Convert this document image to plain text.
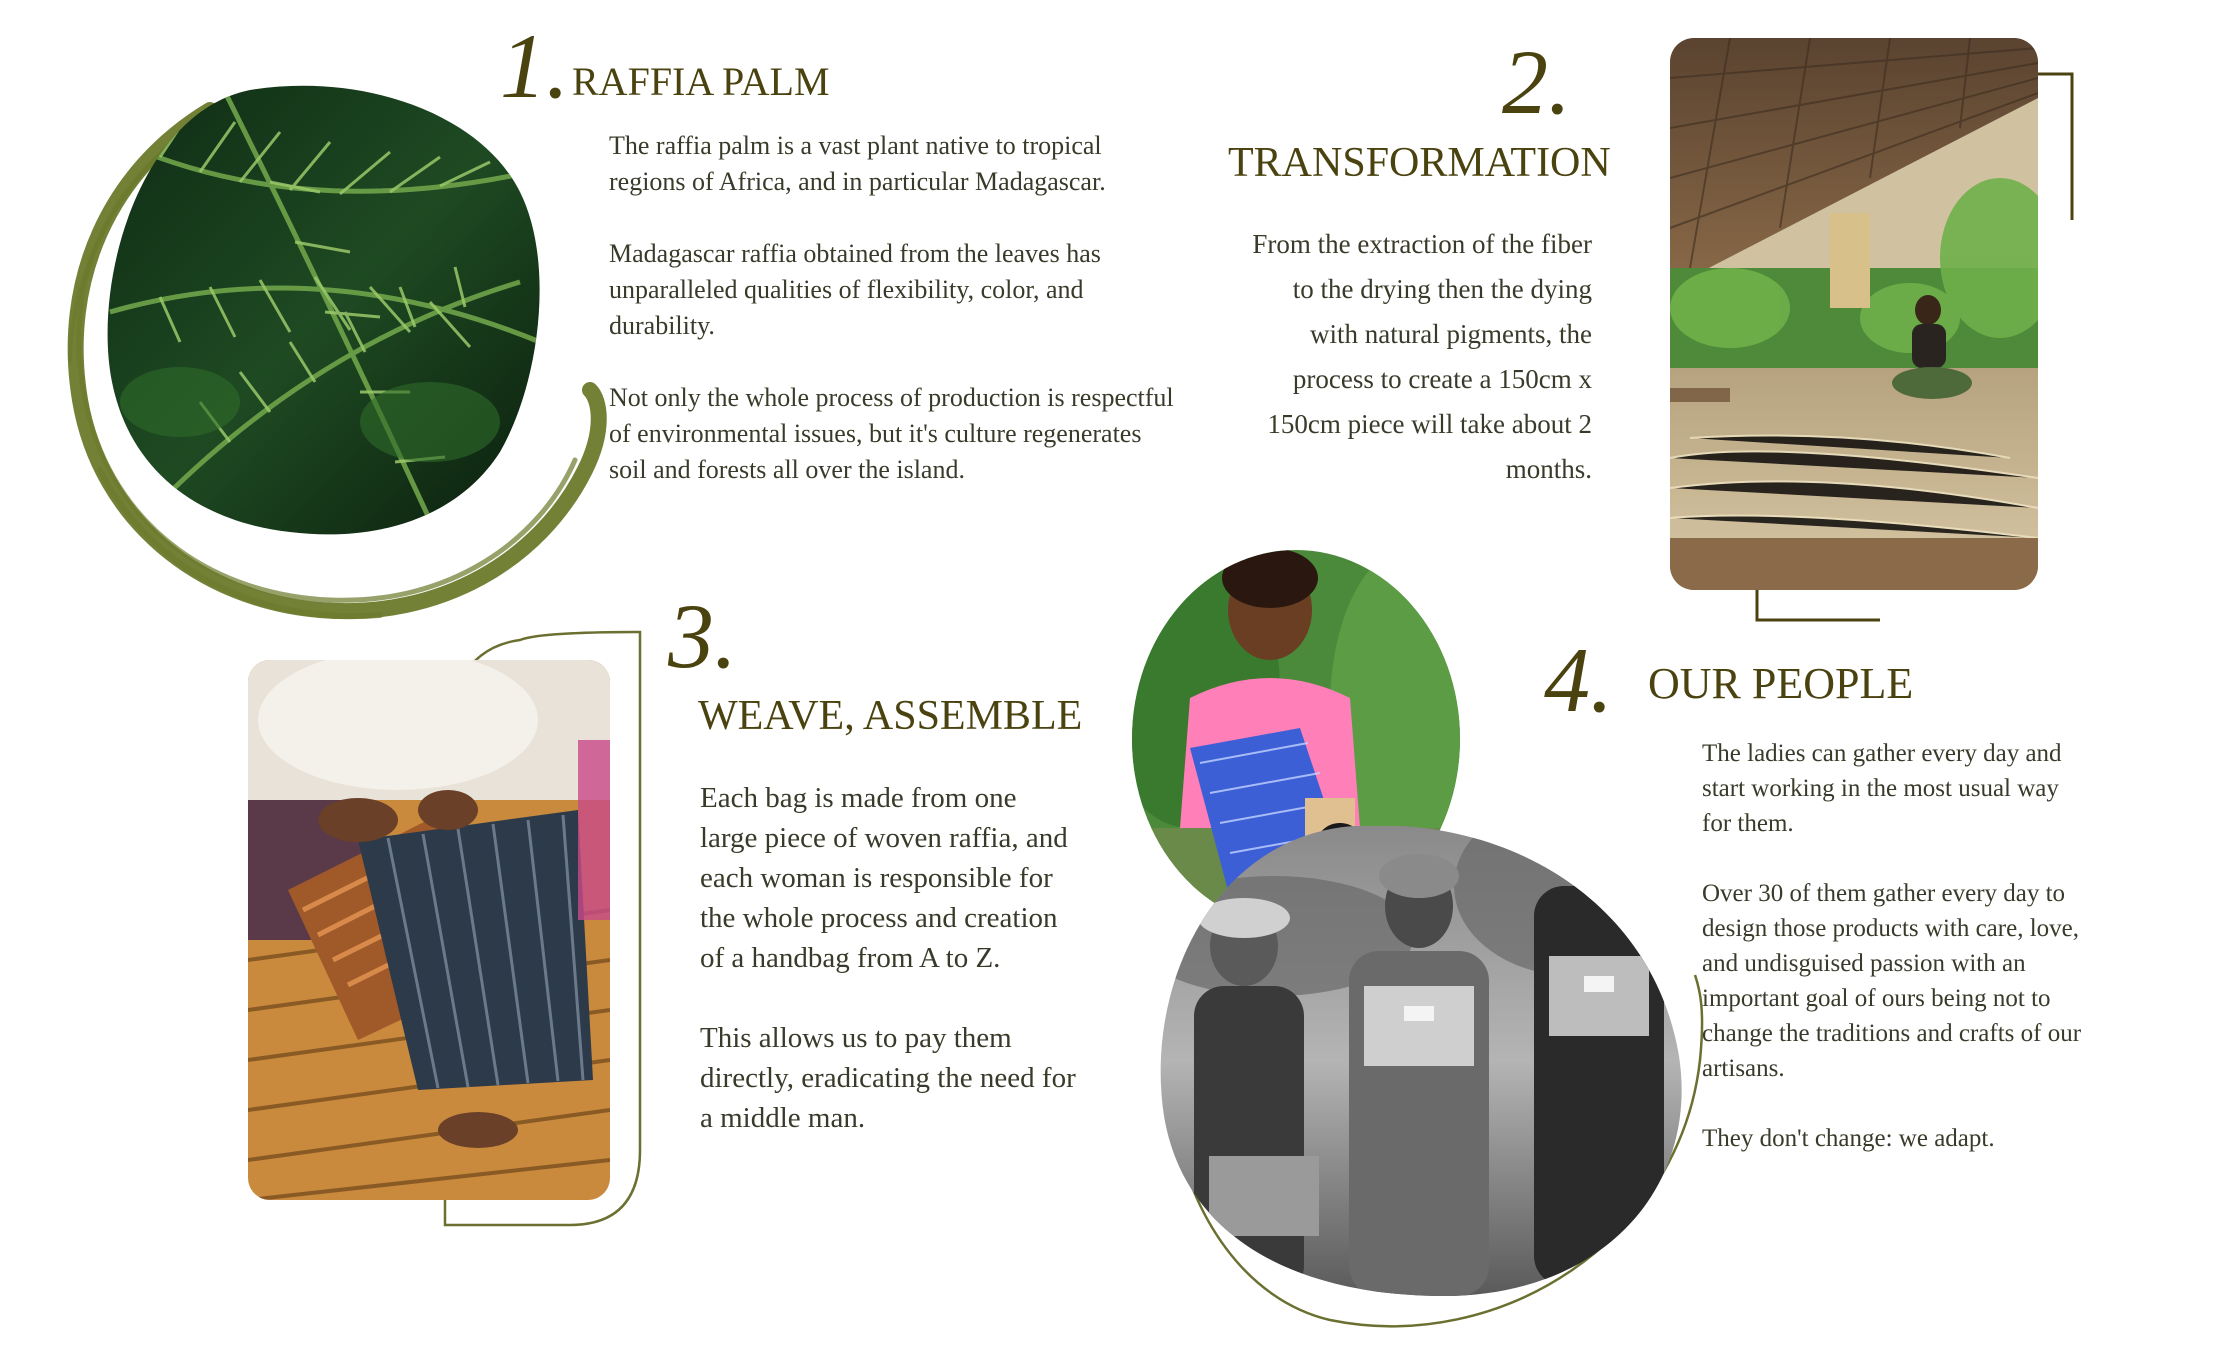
1. RAFFIA PALM

The raffia palm is a vast plant native to tropical regions of Africa, and in particular Madagascar.

Madagascar raffia obtained from the leaves has unparalleled qualities of flexibility, color, and durability.

Not only the whole process of production is respectful of environmental issues, but it's culture regenerates soil and forests all over the island.

2.
TRANSFORMATION

From the extraction of the fiber to the drying then the dying with natural pigments, the process to create a 150cm x 150cm piece will take about 2 months.

3.
WEAVE, ASSEMBLE

Each bag is made from one large piece of woven raffia, and each woman is responsible for the whole process and creation of a handbag from A to Z.

This allows us to pay them directly, eradicating the need for a middle man.

4. OUR PEOPLE

The ladies can gather every day and start working in the most usual way for them.

Over 30 of them gather every day to design those products with care, love, and undisguised passion with an important goal of ours being not to change the traditions and crafts of our artisans.

They don't change: we adapt.
